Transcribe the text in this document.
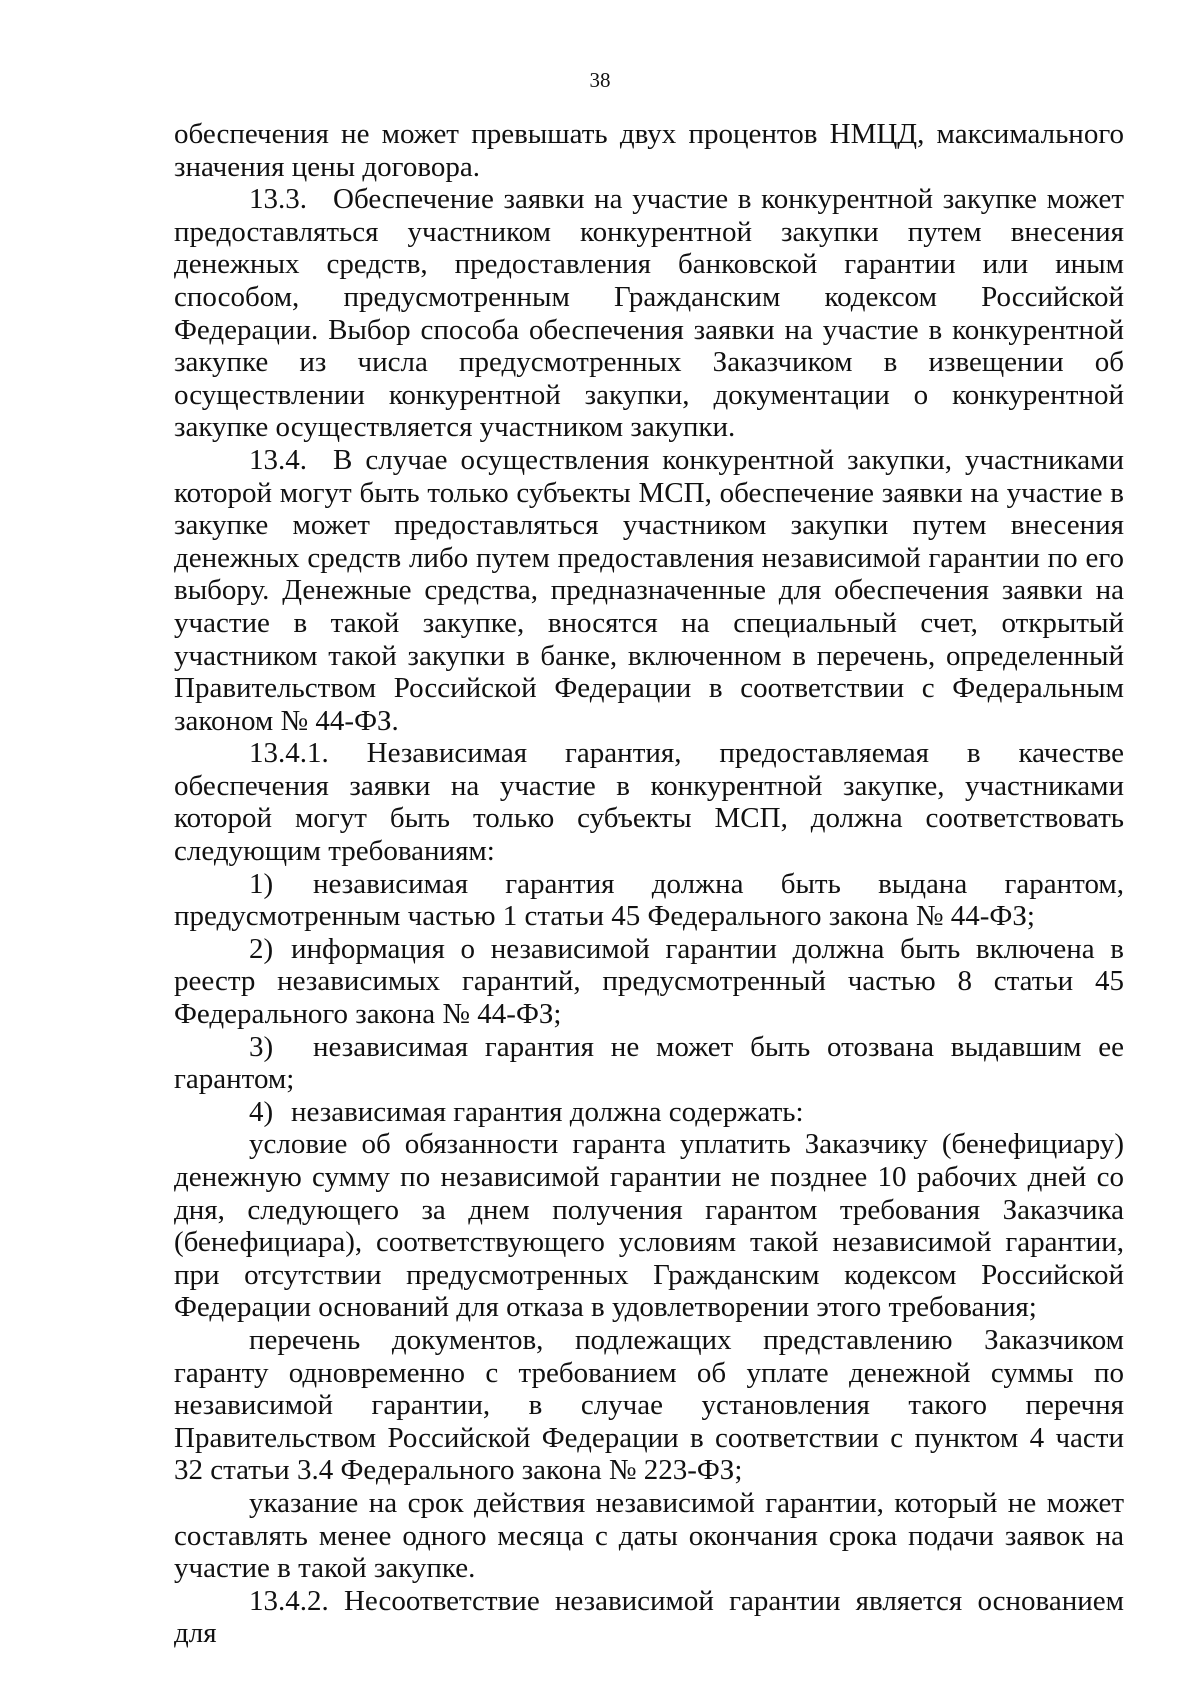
38

обеспечения не может превышать двух процентов НМЦД, максимального значения цены договора.

13.3. Обеспечение заявки на участие в конкурентной закупке может предоставляться участником конкурентной закупки путем внесения денежных средств, предоставления банковской гарантии или иным способом, предусмотренным Гражданским кодексом Российской Федерации. Выбор способа обеспечения заявки на участие в конкурентной закупке из числа предусмотренных Заказчиком в извещении об осуществлении конкурентной закупки, документации о конкурентной закупке осуществляется участником закупки.

13.4. В случае осуществления конкурентной закупки, участниками которой могут быть только субъекты МСП, обеспечение заявки на участие в закупке может предоставляться участником закупки путем внесения денежных средств либо путем предоставления независимой гарантии по его выбору. Денежные средства, предназначенные для обеспечения заявки на участие в такой закупке, вносятся на специальный счет, открытый участником такой закупки в банке, включенном в перечень, определенный Правительством Российской Федерации в соответствии с Федеральным законом № 44-ФЗ.

13.4.1. Независимая гарантия, предоставляемая в качестве обеспечения заявки на участие в конкурентной закупке, участниками которой могут быть только субъекты МСП, должна соответствовать следующим требованиям:

1) независимая гарантия должна быть выдана гарантом, предусмотренным частью 1 статьи 45 Федерального закона № 44-ФЗ;

2) информация о независимой гарантии должна быть включена в реестр независимых гарантий, предусмотренный частью 8 статьи 45 Федерального закона № 44-ФЗ;

3) независимая гарантия не может быть отозвана выдавшим ее гарантом;

4) независимая гарантия должна содержать:

условие об обязанности гаранта уплатить Заказчику (бенефициару) денежную сумму по независимой гарантии не позднее 10 рабочих дней со дня, следующего за днем получения гарантом требования Заказчика (бенефициара), соответствующего условиям такой независимой гарантии, при отсутствии предусмотренных Гражданским кодексом Российской Федерации оснований для отказа в удовлетворении этого требования;

перечень документов, подлежащих представлению Заказчиком гаранту одновременно с требованием об уплате денежной суммы по независимой гарантии, в случае установления такого перечня Правительством Российской Федерации в соответствии с пунктом 4 части 32 статьи 3.4 Федерального закона № 223-ФЗ;

указание на срок действия независимой гарантии, который не может составлять менее одного месяца с даты окончания срока подачи заявок на участие в такой закупке.

13.4.2. Несоответствие независимой гарантии является основанием для
